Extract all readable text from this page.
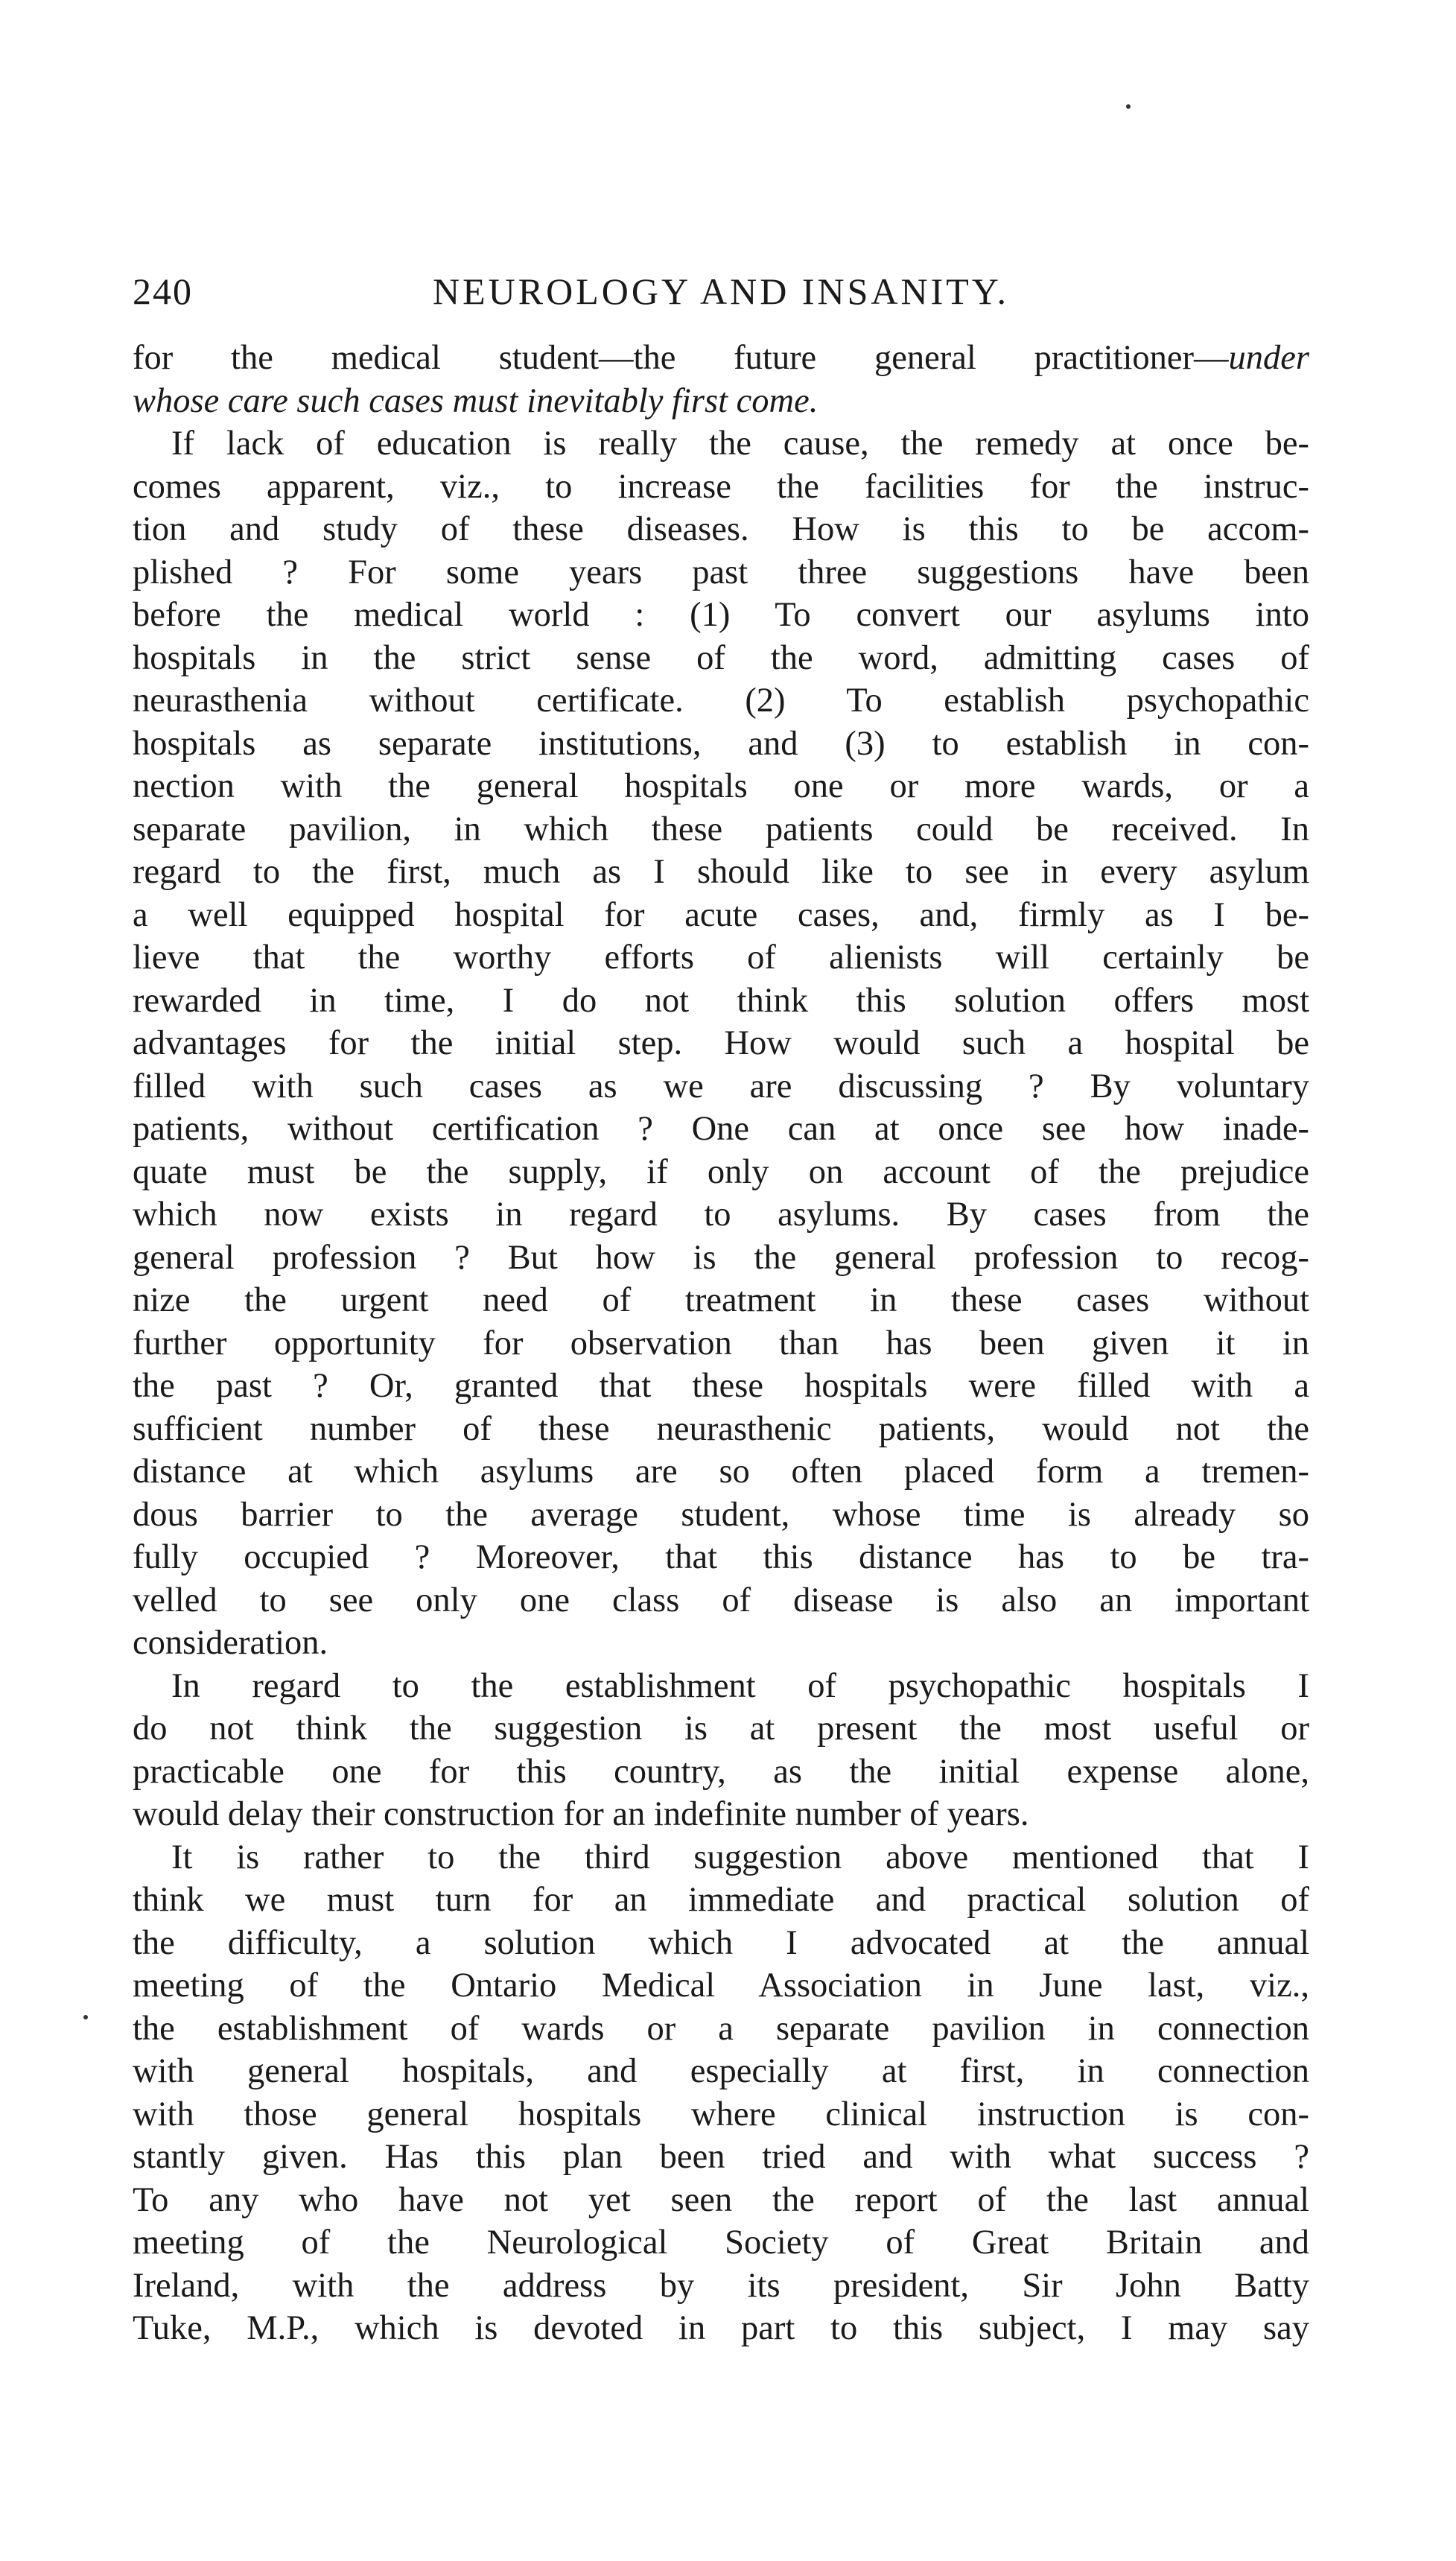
240	NEUROLOGY AND INSANITY.
for the medical student—the future general practitioner—under
whose care such cases must inevitably first come.
If lack of education is really the cause, the remedy at once be-
comes apparent, viz., to increase the facilities for the instruc-
tion and study of these diseases. How is this to be accom-
plished ? For some years past three suggestions have been
before the medical world : (1) To convert our asylums into
hospitals in the strict sense of the word, admitting cases of
neurasthenia without certificate. (2) To establish psychopathic
hospitals as separate institutions, and (3) to establish in con-
nection with the general hospitals one or more wards, or a
separate pavilion, in which these patients could be received. In
regard to the first, much as I should like to see in every asylum
a well equipped hospital for acute cases, and, firmly as I be-
lieve that the worthy efforts of alienists will certainly be
rewarded in time, I do not think this solution offers most
advantages for the initial step. How would such a hospital be
filled with such cases as we are discussing ? By voluntary
patients, without certification ? One can at once see how inade-
quate must be the supply, if only on account of the prejudice
which now exists in regard to asylums. By cases from the
general profession ? But how is the general profession to recog-
nize the urgent need of treatment in these cases without
further opportunity for observation than has been given it in
the past ? Or, granted that these hospitals were filled with a
sufficient number of these neurasthenic patients, would not the
distance at which asylums are so often placed form a tremen-
dous barrier to the average student, whose time is already so
fully occupied ? Moreover, that this distance has to be tra-
velled to see only one class of disease is also an important
consideration.
In regard to the establishment of psychopathic hospitals I
do not think the suggestion is at present the most useful or
practicable one for this country, as the initial expense alone,
would delay their construction for an indefinite number of years.
It is rather to the third suggestion above mentioned that I
think we must turn for an immediate and practical solution of
the difficulty, a solution which I advocated at the annual
meeting of the Ontario Medical Association in June last, viz.,
the establishment of wards or a separate pavilion in connection
with general hospitals, and especially at first, in connection
with those general hospitals where clinical instruction is con-
stantly given. Has this plan been tried and with what success ?
To any who have not yet seen the report of the last annual
meeting of the Neurological Society of Great Britain and
Ireland, with the address by its president, Sir John Batty
Tuke, M.P., which is devoted in part to this subject, I may say
